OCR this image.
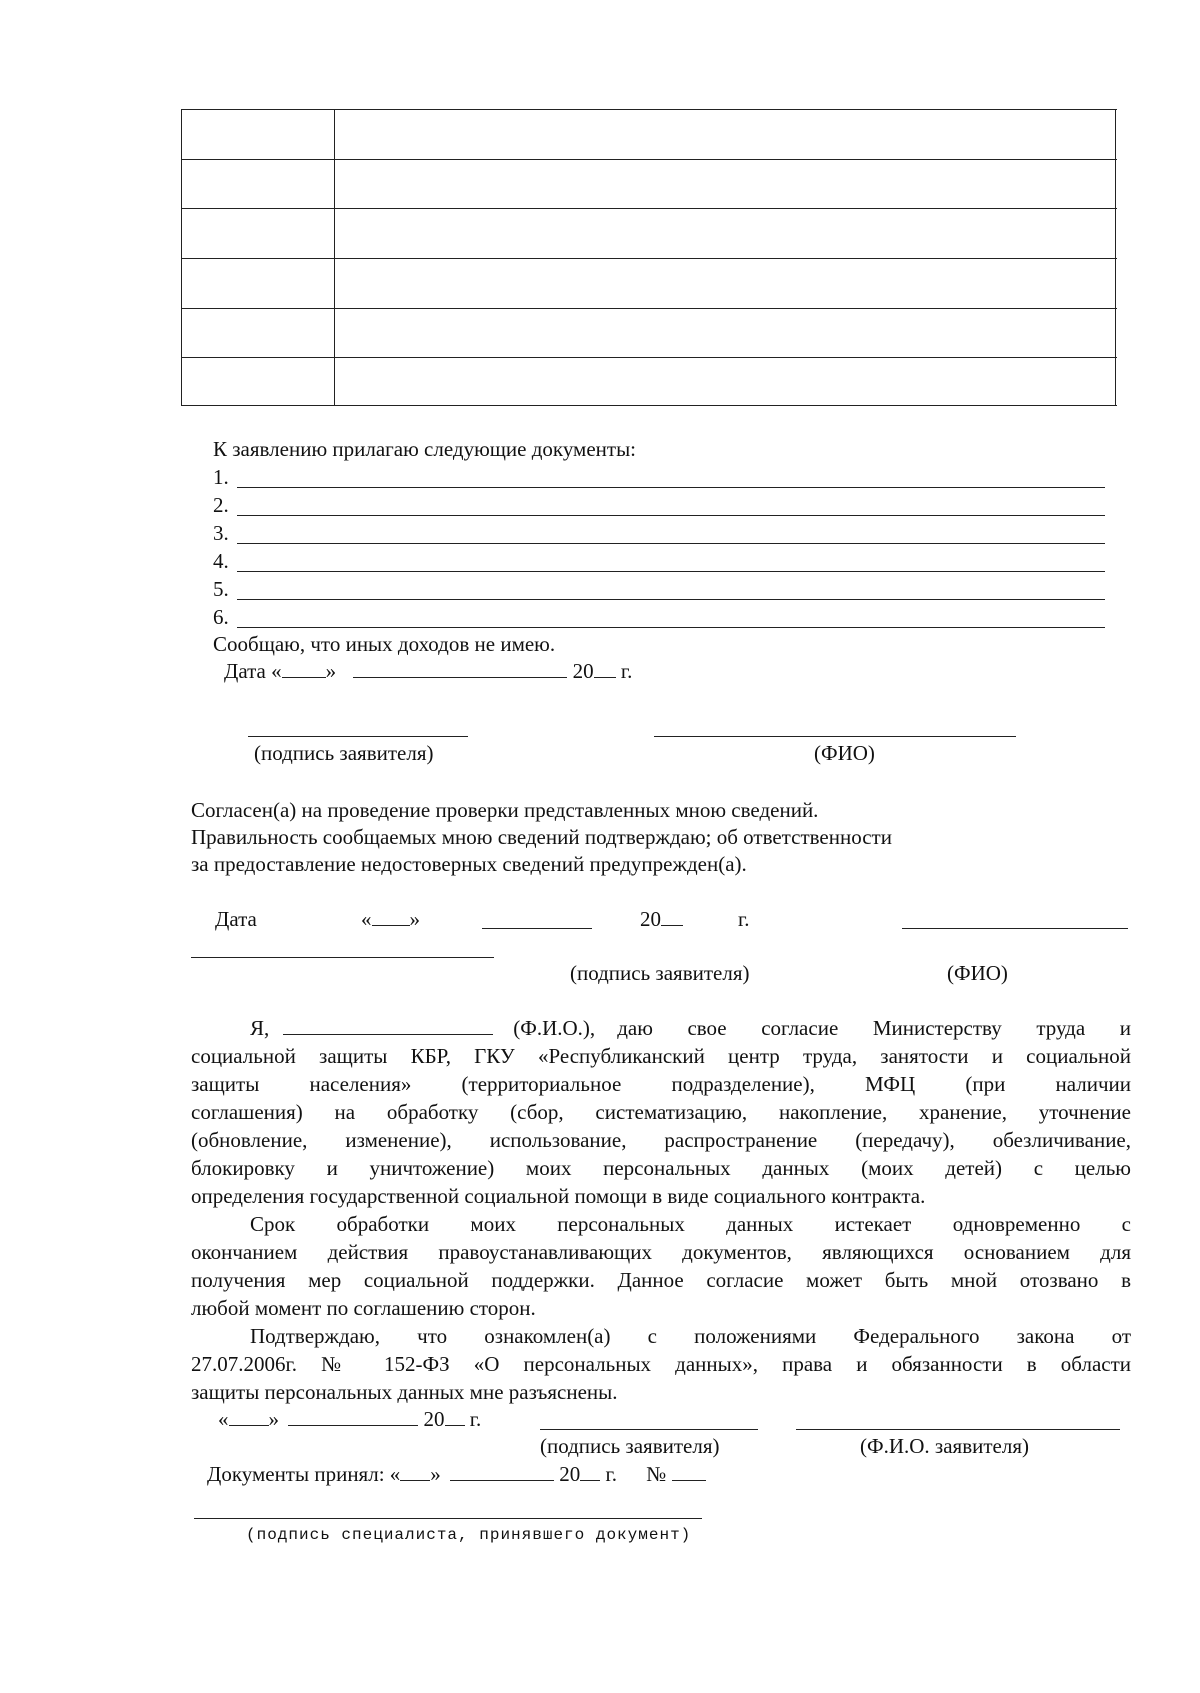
К заявлению прилагаю следующие документы:
1.
2.
3.
4.
5.
6.
Сообщаю, что иных доходов не имею.
Дата « »	20 г.
(подпись заявителя)	(ФИО)
Согласен(а) на проведение проверки представленных мною сведений.
Правильность сообщаемых мною сведений подтверждаю; об ответственности
за предоставление недостоверных сведений предупрежден(а).
Дата	« »	20	г.
(подпись заявителя)	(ФИО)
Я,	(Ф.И.О.), даю свое согласие Министерству труда и
социальной защиты КБР, ГКУ «Республиканский центр труда, занятости и социальной
защиты населения» (территориальное подразделение), МФЦ (при наличии
соглашения) на обработку (сбор, систематизацию, накопление, хранение, уточнение
(обновление, изменение), использование, распространение (передачу), обезличивание,
блокировку и уничтожение) моих персональных данных (моих детей) с целью
определения государственной социальной помощи в виде социального контракта.
Срок обработки моих персональных данных истекает одновременно с
окончанием действия правоустанавливающих документов, являющихся основанием для
получения мер социальной поддержки. Данное согласие может быть мной отозвано в
любой момент по соглашению сторон.
Подтверждаю, что ознакомлен(а) с положениями Федерального закона от
27.07.2006г. № 152-ФЗ «О персональных данных», права и обязанности в области
защиты персональных данных мне разъяснены.
« »	20 г.
(подпись заявителя)	(Ф.И.О. заявителя)
Документы принял: « »	20 г. №
(подпись специалиста, принявшего документ)
